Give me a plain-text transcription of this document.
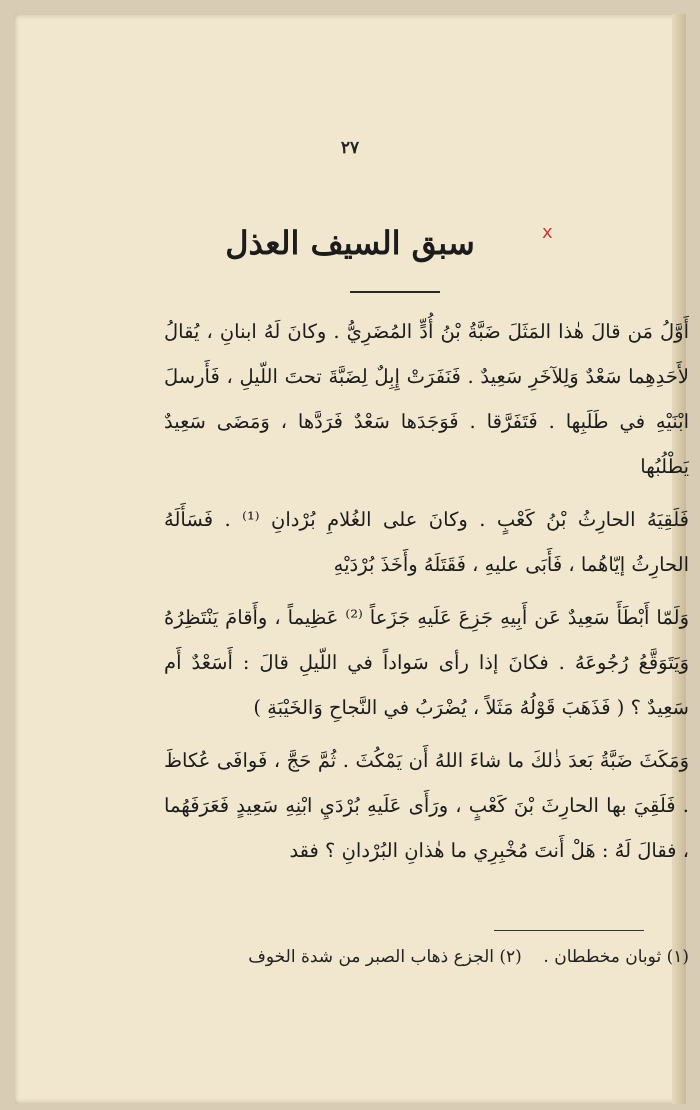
٢٧
x
سبق السيف العذل

أَوَّلُ مَن قالَ هٰذا المَثَلَ ضَبَّةُ بْنُ أُدٍّ المُضَرِيُّ . وكانَ لَهُ ابنانِ ، يُقالُ لأَحَدِهِما سَعْدٌ وَلِلآخَرِ سَعِيدٌ . فَنَفَرَتْ إِبِلٌ لِضَبَّةَ تحتَ اللّيلِ ، فَأَرسلَ ابْنَيْهِ في طَلَبِها . فَتَفَرَّقا . فَوَجَدَها سَعْدٌ فَرَدَّها ، وَمَضَى سَعِيدٌ يَطْلُبُها

فَلَقِيَهُ الحارِثُ بْنُ كَعْبٍ . وكانَ على الغُلامِ بُرْدانِ ⁽¹⁾ . فَسَأَلَهُ الحارِثُ إيّاهُما ، فَأَبَى عليهِ ، فَقَتَلَهُ وأَخَذَ بُرْدَيْهِ

وَلَمّا أَبْطَأَ سَعِيدٌ عَن أَبِيهِ جَزِعَ عَلَيهِ جَزَعاً ⁽²⁾ عَظِيماً ، وأَقامَ يَنْتَظِرُهُ وَيَتَوَقَّعُ رُجُوعَهُ . فكانَ إذا رأى سَواداً في اللّيلِ قالَ : أَسَعْدٌ أَم سَعِيدٌ ؟ ( فَذَهَبَ قَوْلُهُ مَثَلاً ، يُضْرَبُ في النَّجاحِ وَالخَيْبَةِ )

وَمَكَثَ ضَبَّةُ بَعدَ ذٰلكَ ما شاءَ اللهُ أَن يَمْكُثَ . ثُمَّ حَجَّ ، فَوافَى عُكاظَ . فَلَقِيَ بها الحارِثَ بْنَ كَعْبٍ ، ورَأَى عَلَيهِ بُرْدَيِ ابْنِهِ سَعِيدٍ فَعَرَفَهُما ، فقالَ لَهُ : هَلْ أَنتَ مُخْبِرِي ما هٰذانِ البُرْدانِ ؟ فقد

(١) ثوبان مخططان .    (٢) الجزع ذهاب الصبر من شدة الخوف
